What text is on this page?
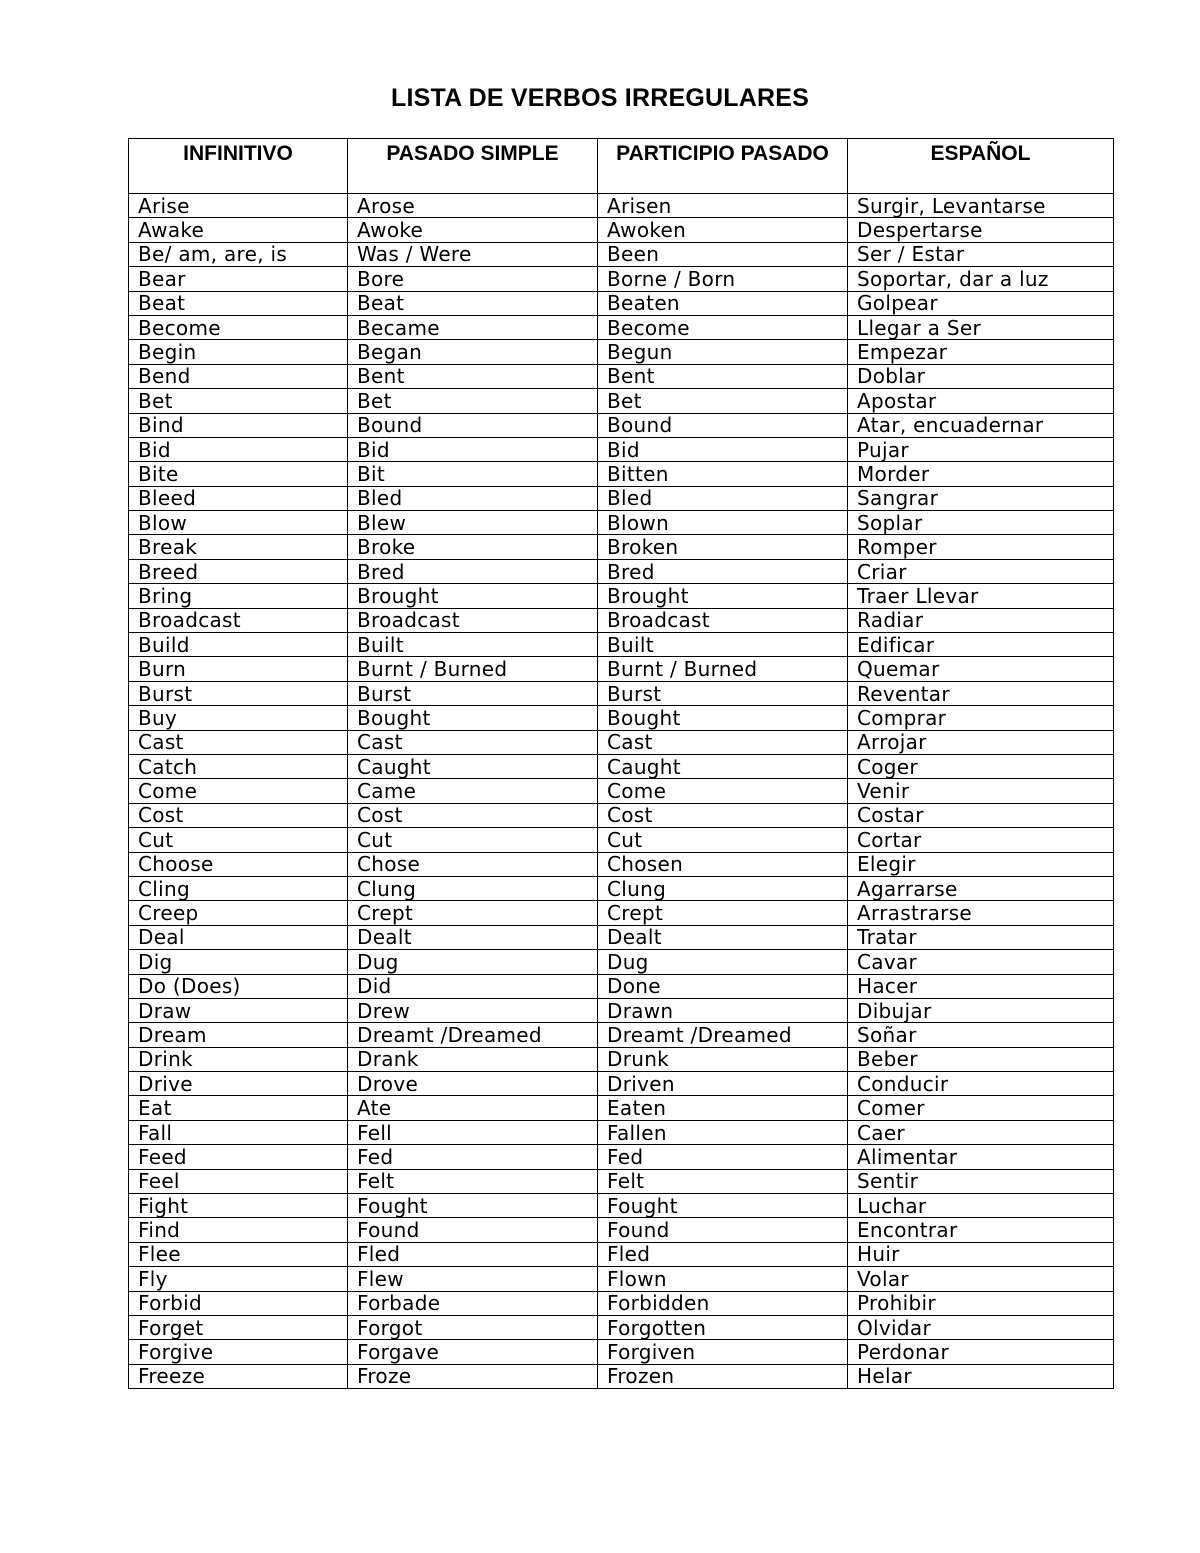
LISTA DE VERBOS IRREGULARES
INFINITIVO	PASADO SIMPLE	PARTICIPIO PASADO	ESPAÑOL
Arise	Arose	Arisen	Surgir, Levantarse
Awake	Awoke	Awoken	Despertarse
Be/ am, are, is	Was / Were	Been	Ser / Estar
Bear	Bore	Borne / Born	Soportar, dar a luz
Beat	Beat	Beaten	Golpear
Become	Became	Become	Llegar a Ser
Begin	Began	Begun	Empezar
Bend	Bent	Bent	Doblar
Bet	Bet	Bet	Apostar
Bind	Bound	Bound	Atar, encuadernar
Bid	Bid	Bid	Pujar
Bite	Bit	Bitten	Morder
Bleed	Bled	Bled	Sangrar
Blow	Blew	Blown	Soplar
Break	Broke	Broken	Romper
Breed	Bred	Bred	Criar
Bring	Brought	Brought	Traer Llevar
Broadcast	Broadcast	Broadcast	Radiar
Build	Built	Built	Edificar
Burn	Burnt / Burned	Burnt / Burned	Quemar
Burst	Burst	Burst	Reventar
Buy	Bought	Bought	Comprar
Cast	Cast	Cast	Arrojar
Catch	Caught	Caught	Coger
Come	Came	Come	Venir
Cost	Cost	Cost	Costar
Cut	Cut	Cut	Cortar
Choose	Chose	Chosen	Elegir
Cling	Clung	Clung	Agarrarse
Creep	Crept	Crept	Arrastrarse
Deal	Dealt	Dealt	Tratar
Dig	Dug	Dug	Cavar
Do (Does)	Did	Done	Hacer
Draw	Drew	Drawn	Dibujar
Dream	Dreamt /Dreamed	Dreamt /Dreamed	Soñar
Drink	Drank	Drunk	Beber
Drive	Drove	Driven	Conducir
Eat	Ate	Eaten	Comer
Fall	Fell	Fallen	Caer
Feed	Fed	Fed	Alimentar
Feel	Felt	Felt	Sentir
Fight	Fought	Fought	Luchar
Find	Found	Found	Encontrar
Flee	Fled	Fled	Huir
Fly	Flew	Flown	Volar
Forbid	Forbade	Forbidden	Prohibir
Forget	Forgot	Forgotten	Olvidar
Forgive	Forgave	Forgiven	Perdonar
Freeze	Froze	Frozen	Helar
